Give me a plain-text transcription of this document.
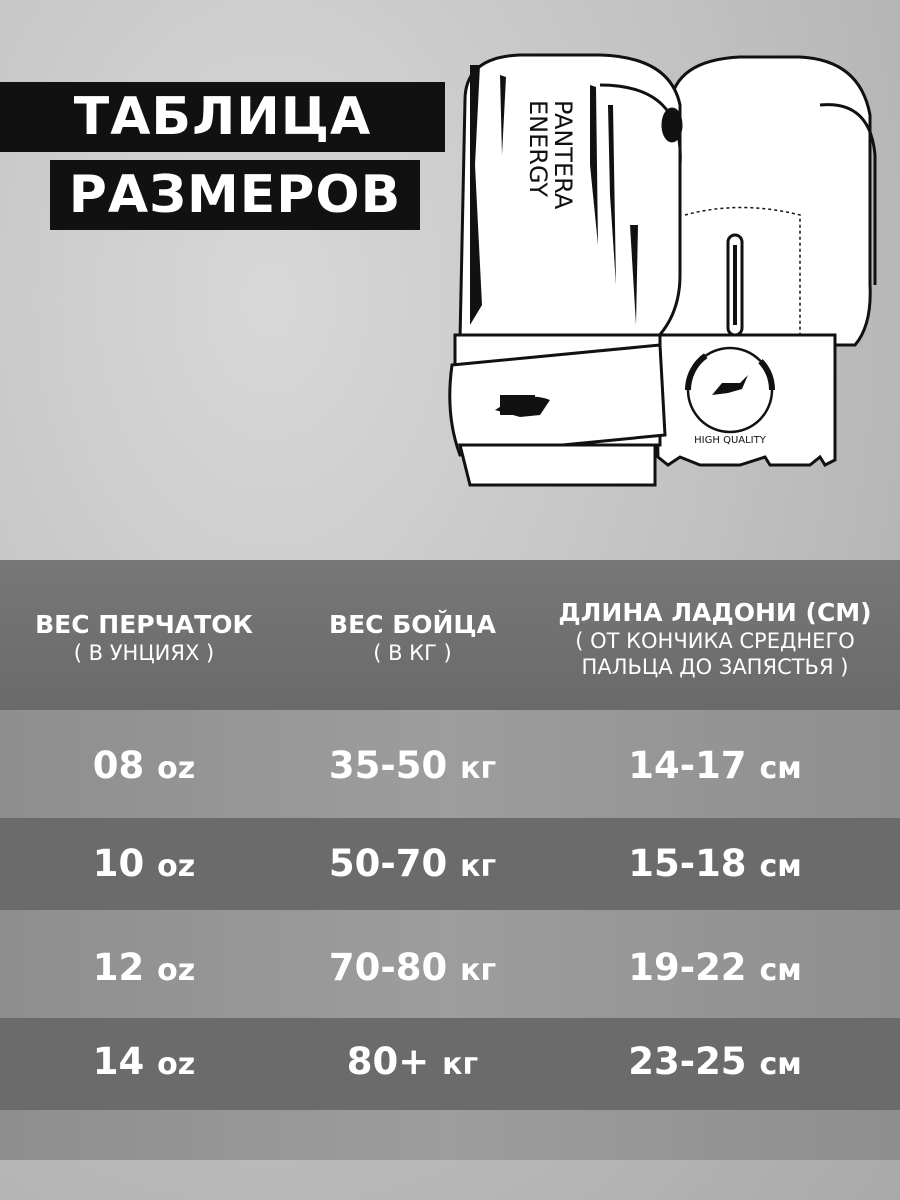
ТАБЛИЦА
РАЗМЕРОВ
HIGH QUALITY
PANTERA
ENERGY
ВЕС ПЕРЧАТОК
( В УНЦИЯХ )
ВЕС БОЙЦА
( В КГ )
ДЛИНА ЛАДОНИ (СМ)
( ОТ КОНЧИКА СРЕДНЕГО
ПАЛЬЦА ДО ЗАПЯСТЬЯ )
08 oz	35-50 кг	14-17 см
10 oz	50-70 кг	15-18 см
12 oz	70-80 кг	19-22 см
14 oz	80+ кг	23-25 см
